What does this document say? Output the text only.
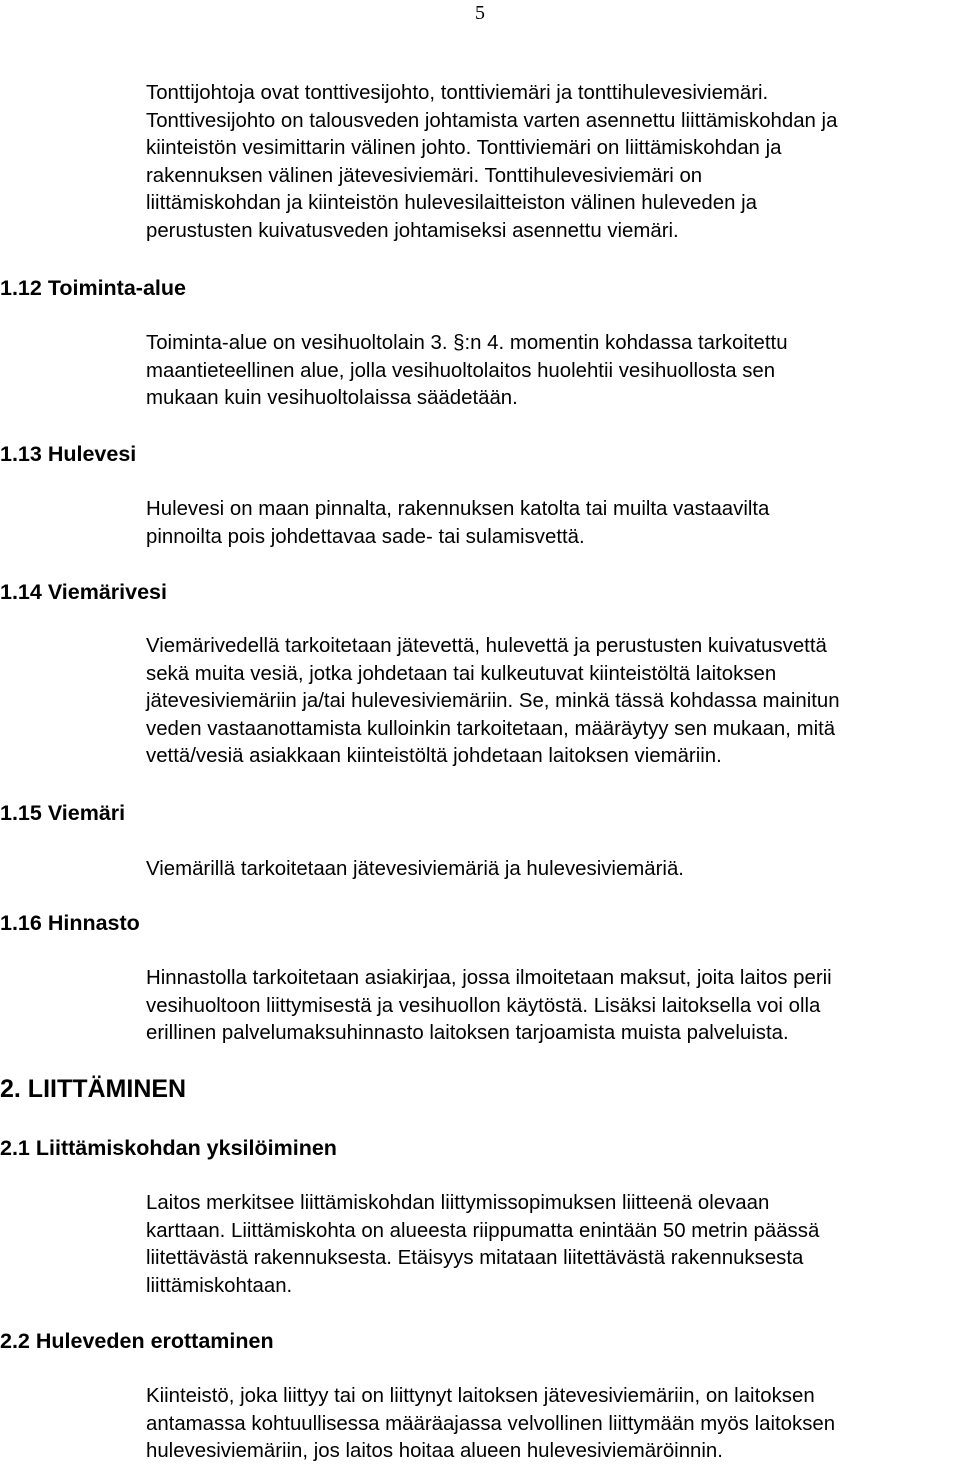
5
Tonttijohtoja ovat tonttivesijohto, tonttiviemäri ja tonttihulevesiviemäri.
Tonttivesijohto on talousveden johtamista varten asennettu liittämiskohdan ja
kiinteistön vesimittarin välinen johto. Tonttiviemäri on liittämiskohdan ja
rakennuksen välinen jätevesiviemäri. Tonttihulevesiviemäri on
liittämiskohdan ja kiinteistön hulevesilaitteiston välinen huleveden ja
perustusten kuivatusveden johtamiseksi asennettu viemäri.
1.12 Toiminta-alue
Toiminta-alue on vesihuoltolain 3. §:n 4. momentin kohdassa tarkoitettu
maantieteellinen alue, jolla vesihuoltolaitos huolehtii vesihuollosta sen
mukaan kuin vesihuoltolaissa säädetään.
1.13 Hulevesi
Hulevesi on maan pinnalta, rakennuksen katolta tai muilta vastaavilta
pinnoilta pois johdettavaa sade- tai sulamisvettä.
1.14 Viemärivesi
Viemärivedellä tarkoitetaan jätevettä, hulevettä ja perustusten kuivatusvettä
sekä muita vesiä, jotka johdetaan tai kulkeutuvat kiinteistöltä laitoksen
jätevesiviemäriin ja/tai hulevesiviemäriin. Se, minkä tässä kohdassa mainitun
veden vastaanottamista kulloinkin tarkoitetaan, määräytyy sen mukaan, mitä
vettä/vesiä asiakkaan kiinteistöltä johdetaan laitoksen viemäriin.
1.15 Viemäri
Viemärillä tarkoitetaan jätevesiviemäriä ja hulevesiviemäriä.
1.16 Hinnasto
Hinnastolla tarkoitetaan asiakirjaa, jossa ilmoitetaan maksut, joita laitos perii
vesihuoltoon liittymisestä ja vesihuollon käytöstä. Lisäksi laitoksella voi olla
erillinen palvelumaksuhinnasto laitoksen tarjoamista muista palveluista.
2. LIITTÄMINEN
2.1 Liittämiskohdan yksilöiminen
Laitos merkitsee liittämiskohdan liittymissopimuksen liitteenä olevaan
karttaan. Liittämiskohta on alueesta riippumatta enintään 50 metrin päässä
liitettävästä rakennuksesta. Etäisyys mitataan liitettävästä rakennuksesta
liittämiskohtaan.
2.2 Huleveden erottaminen
Kiinteistö, joka liittyy tai on liittynyt laitoksen jätevesiviemäriin, on laitoksen
antamassa kohtuullisessa määräajassa velvollinen liittymään myös laitoksen
hulevesiviemäriin, jos laitos hoitaa alueen hulevesiviemäröinnin.
